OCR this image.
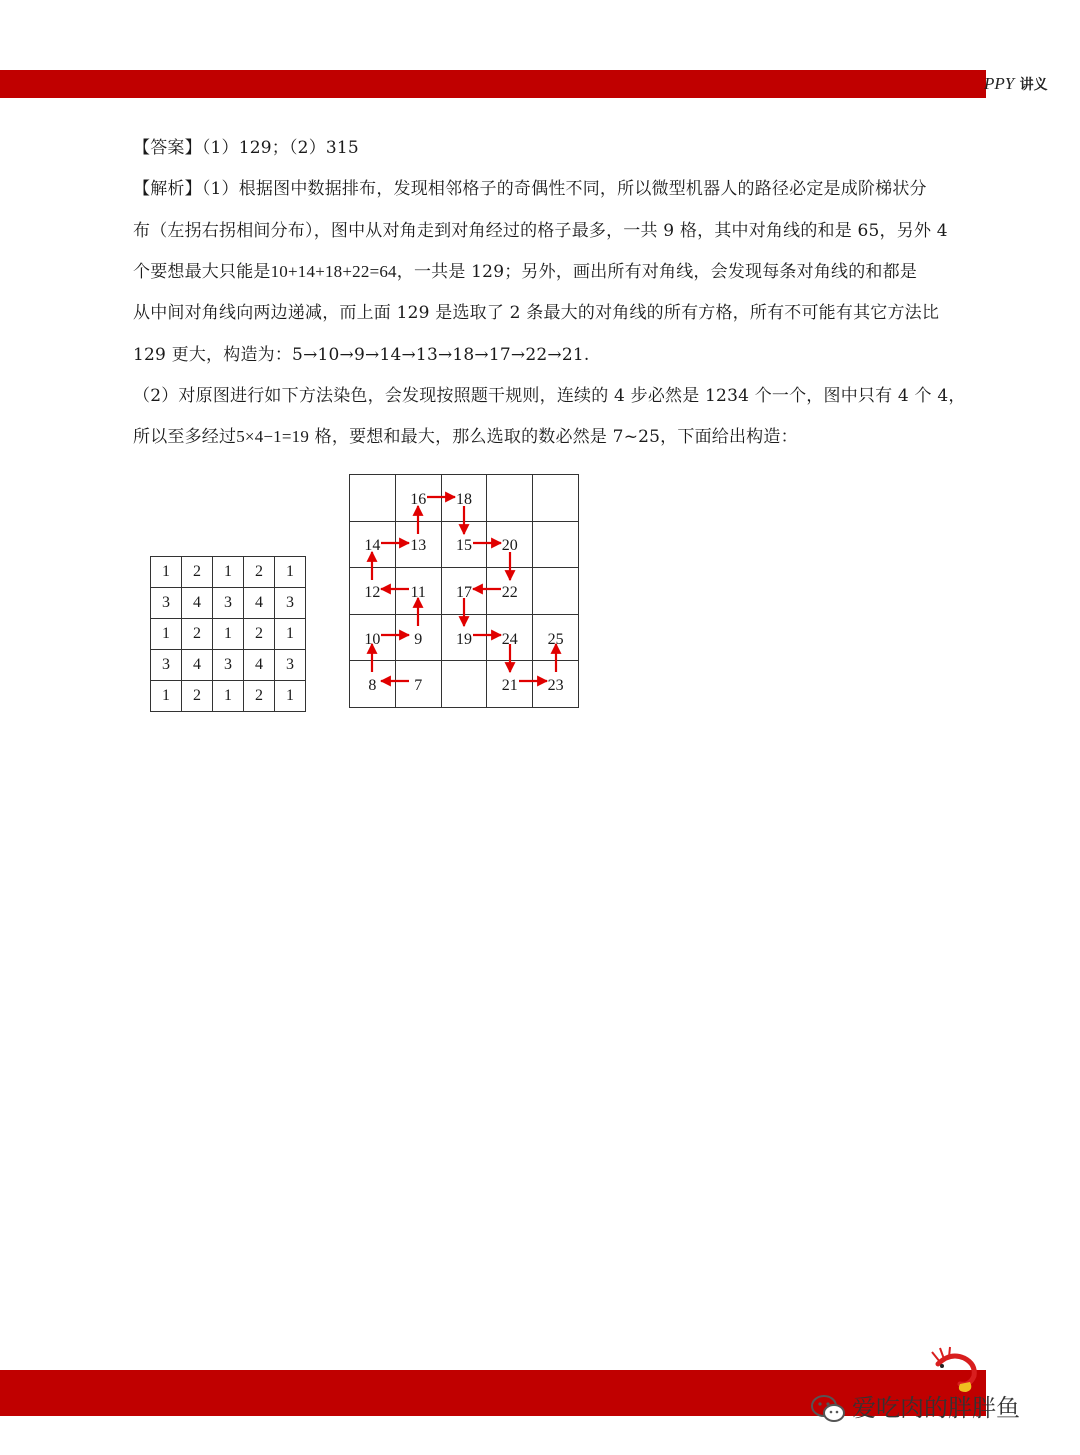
PPY 讲义
【答案】（1）129；（2）315
【解析】（1）根据图中数据排布，发现相邻格子的奇偶性不同，所以微型机器人的路径必定是成阶梯状分
布（左拐右拐相间分布），图中从对角走到对角经过的格子最多，一共 9 格，其中对角线的和是 65，另外 4
个要想最大只能是10+14+18+22=64，一共是 129；另外，画出所有对角线，会发现每条对角线的和都是
从中间对角线向两边递减，而上面 129 是选取了 2 条最大的对角线的所有方格，所有不可能有其它方法比
129 更大，构造为：5→10→9→14→13→18→17→22→21.
（2）对原图进行如下方法染色，会发现按照题干规则，连续的 4 步必然是 1234 个一个，图中只有 4 个 4，
所以至多经过5×4−1=19 格，要想和最大，那么选取的数必然是 7~25，下面给出构造：
1	2	1	2	1
3	4	3	4	3
1	2	1	2	1
3	4	3	4	3
1	2	1	2	1
	16	18		
14	13	15	20	
12	11	17	22	
10	9	19	24	25
8	7		21	23
爱吃肉的胖胖鱼
